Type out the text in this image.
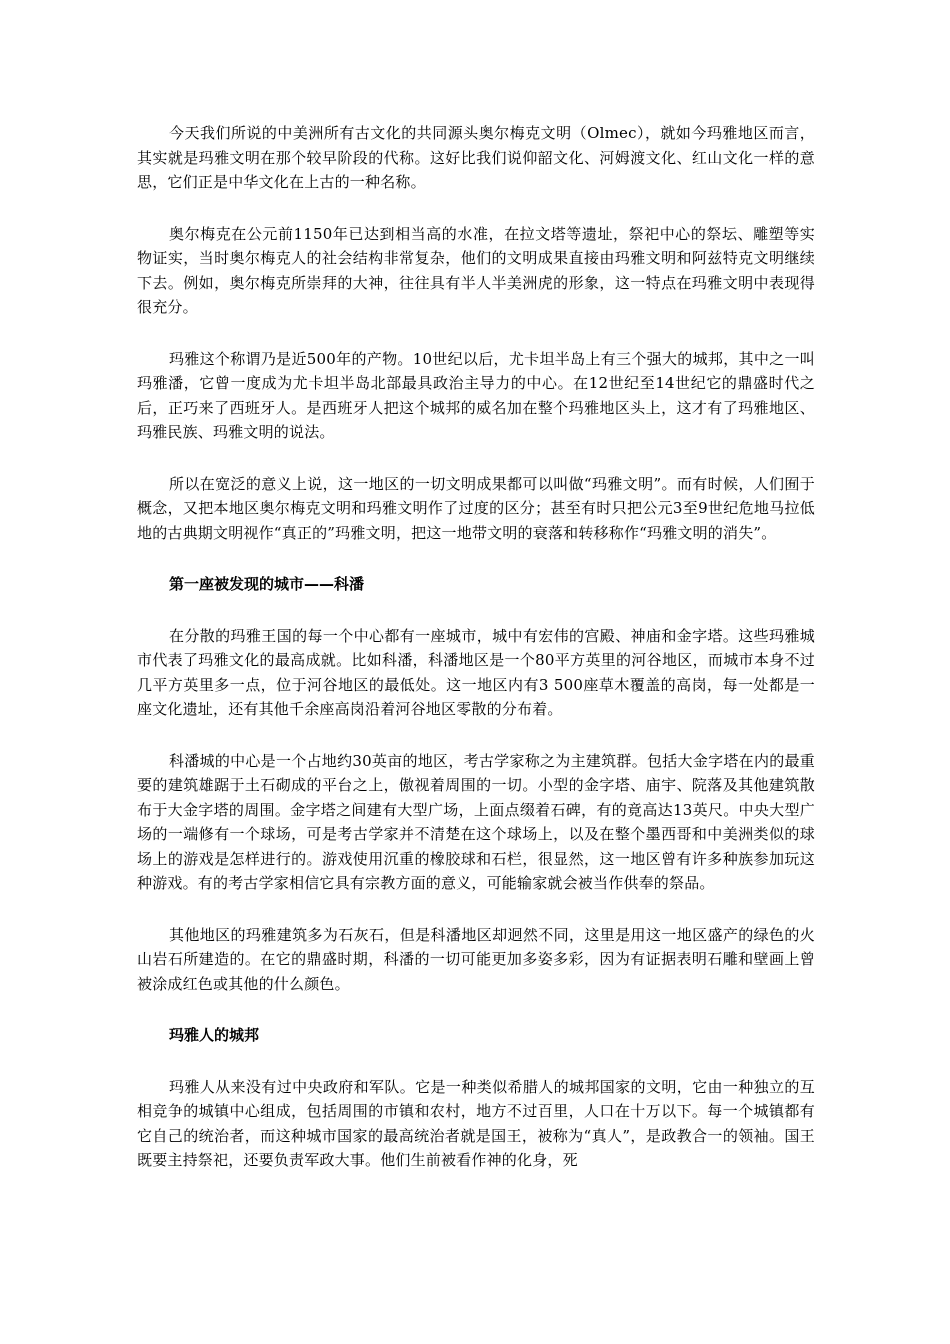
今天我们所说的中美洲所有古文化的共同源头奥尔梅克文明（Olmec），就如今玛雅地区而言，其实就是玛雅文明在那个较早阶段的代称。这好比我们说仰韶文化、河姆渡文化、红山文化一样的意思，它们正是中华文化在上古的一种名称。

奥尔梅克在公元前1150年已达到相当高的水准，在拉文塔等遗址，祭祀中心的祭坛、雕塑等实物证实，当时奥尔梅克人的社会结构非常复杂，他们的文明成果直接由玛雅文明和阿兹特克文明继续下去。例如，奥尔梅克所崇拜的大神，往往具有半人半美洲虎的形象，这一特点在玛雅文明中表现得很充分。

玛雅这个称谓乃是近500年的产物。10世纪以后，尤卡坦半岛上有三个强大的城邦，其中之一叫玛雅潘，它曾一度成为尤卡坦半岛北部最具政治主导力的中心。在12世纪至14世纪它的鼎盛时代之后，正巧来了西班牙人。是西班牙人把这个城邦的威名加在整个玛雅地区头上，这才有了玛雅地区、玛雅民族、玛雅文明的说法。

所以在宽泛的意义上说，这一地区的一切文明成果都可以叫做“玛雅文明”。而有时候，人们囿于概念，又把本地区奥尔梅克文明和玛雅文明作了过度的区分；甚至有时只把公元3至9世纪危地马拉低地的古典期文明视作“真正的”玛雅文明，把这一地带文明的衰落和转移称作“玛雅文明的消失”。

第一座被发现的城市——科潘

在分散的玛雅王国的每一个中心都有一座城市，城中有宏伟的宫殿、神庙和金字塔。这些玛雅城市代表了玛雅文化的最高成就。比如科潘，科潘地区是一个80平方英里的河谷地区，而城市本身不过几平方英里多一点，位于河谷地区的最低处。这一地区内有3 500座草木覆盖的高岗，每一处都是一座文化遗址，还有其他千余座高岗沿着河谷地区零散的分布着。

科潘城的中心是一个占地约30英亩的地区，考古学家称之为主建筑群。包括大金字塔在内的最重要的建筑雄踞于土石砌成的平台之上，傲视着周围的一切。小型的金字塔、庙宇、院落及其他建筑散布于大金字塔的周围。金字塔之间建有大型广场，上面点缀着石碑，有的竟高达13英尺。中央大型广场的一端修有一个球场，可是考古学家并不清楚在这个球场上，以及在整个墨西哥和中美洲类似的球场上的游戏是怎样进行的。游戏使用沉重的橡胶球和石栏，很显然，这一地区曾有许多种族参加玩这种游戏。有的考古学家相信它具有宗教方面的意义，可能输家就会被当作供奉的祭品。

其他地区的玛雅建筑多为石灰石，但是科潘地区却迥然不同，这里是用这一地区盛产的绿色的火山岩石所建造的。在它的鼎盛时期，科潘的一切可能更加多姿多彩，因为有证据表明石雕和壁画上曾被涂成红色或其他的什么颜色。

玛雅人的城邦

玛雅人从来没有过中央政府和军队。它是一种类似希腊人的城邦国家的文明，它由一种独立的互相竞争的城镇中心组成，包括周围的市镇和农村，地方不过百里，人口在十万以下。每一个城镇都有它自己的统治者，而这种城市国家的最高统治者就是国王，被称为“真人”，是政教合一的领袖。国王既要主持祭祀，还要负责军政大事。他们生前被看作神的化身，死
